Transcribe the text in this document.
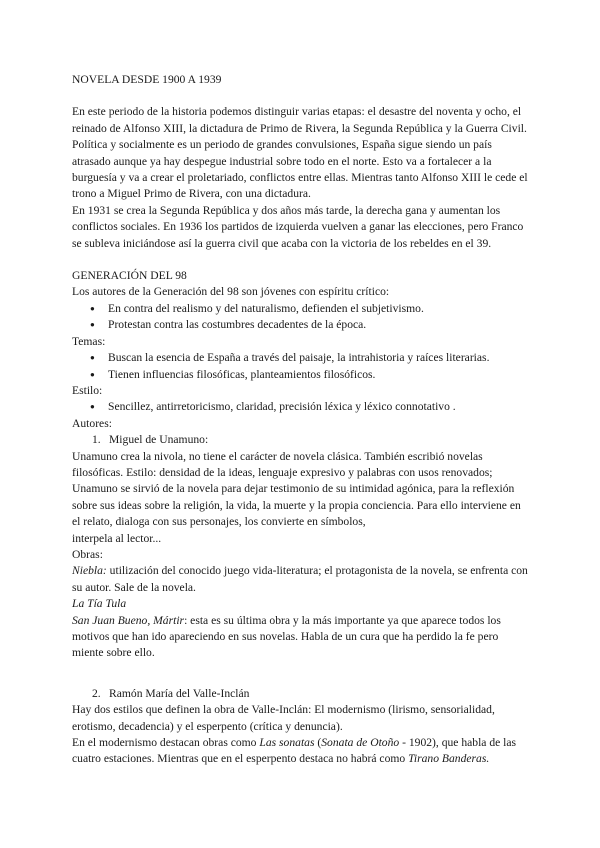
NOVELA DESDE 1900 A 1939

En este periodo de la historia podemos distinguir varias etapas: el desastre del noventa y ocho, el reinado de Alfonso XIII, la dictadura de Primo de Rivera, la Segunda República y la Guerra Civil.

Política y socialmente es un periodo de grandes convulsiones, España sigue siendo un país atrasado aunque ya hay despegue industrial sobre todo en el norte. Esto va a fortalecer a la burguesía y va a crear el proletariado, conflictos entre ellas. Mientras tanto Alfonso XIII le cede el trono a Miguel Primo de Rivera, con una dictadura.

En 1931 se crea la Segunda República y dos años más tarde, la derecha gana y aumentan los conflictos sociales. En 1936 los partidos de izquierda vuelven a ganar las elecciones, pero Franco se subleva iniciándose así la guerra civil que acaba con la victoria de los rebeldes en el 39.

GENERACIÓN DEL 98

Los autores de la Generación del 98 son jóvenes con espíritu crítico:

● En contra del realismo y del naturalismo, defienden el subjetivismo.
● Protestan contra las costumbres decadentes de la época.

Temas:

● Buscan la esencia de España a través del paisaje, la intrahistoria y raíces literarias.
● Tienen influencias filosóficas, planteamientos filosóficos.

Estilo:

● Sencillez, antirretoricismo, claridad, precisión léxica y léxico connotativo .

Autores:

1. Miguel de Unamuno:

Unamuno crea la nivola, no tiene el carácter de novela clásica. También escribió novelas filosóficas. Estilo: densidad de la ideas, lenguaje expresivo y palabras con usos renovados; Unamuno se sirvió de la novela para dejar testimonio de su intimidad agónica, para la reflexión sobre sus ideas sobre la religión, la vida, la muerte y la propia conciencia. Para ello interviene en el relato, dialoga con sus personajes, los convierte en símbolos,

interpela al lector...

Obras:

Niebla: utilización del conocido juego vida-literatura; el protagonista de la novela, se enfrenta con su autor. Sale de la novela.

La Tía Tula

San Juan Bueno, Mártir: esta es su última obra y la más importante ya que aparece todos los motivos que han ido apareciendo en sus novelas. Habla de un cura que ha perdido la fe pero miente sobre ello.

2. Ramón María del Valle-Inclán

Hay dos estilos que definen la obra de Valle-Inclán: El modernismo (lirismo, sensorialidad, erotismo, decadencia) y el esperpento (crítica y denuncia).

En el modernismo destacan obras como Las sonatas (Sonata de Otoño - 1902), que habla de las cuatro estaciones. Mientras que en el esperpento destaca no habrá como Tirano Banderas.
